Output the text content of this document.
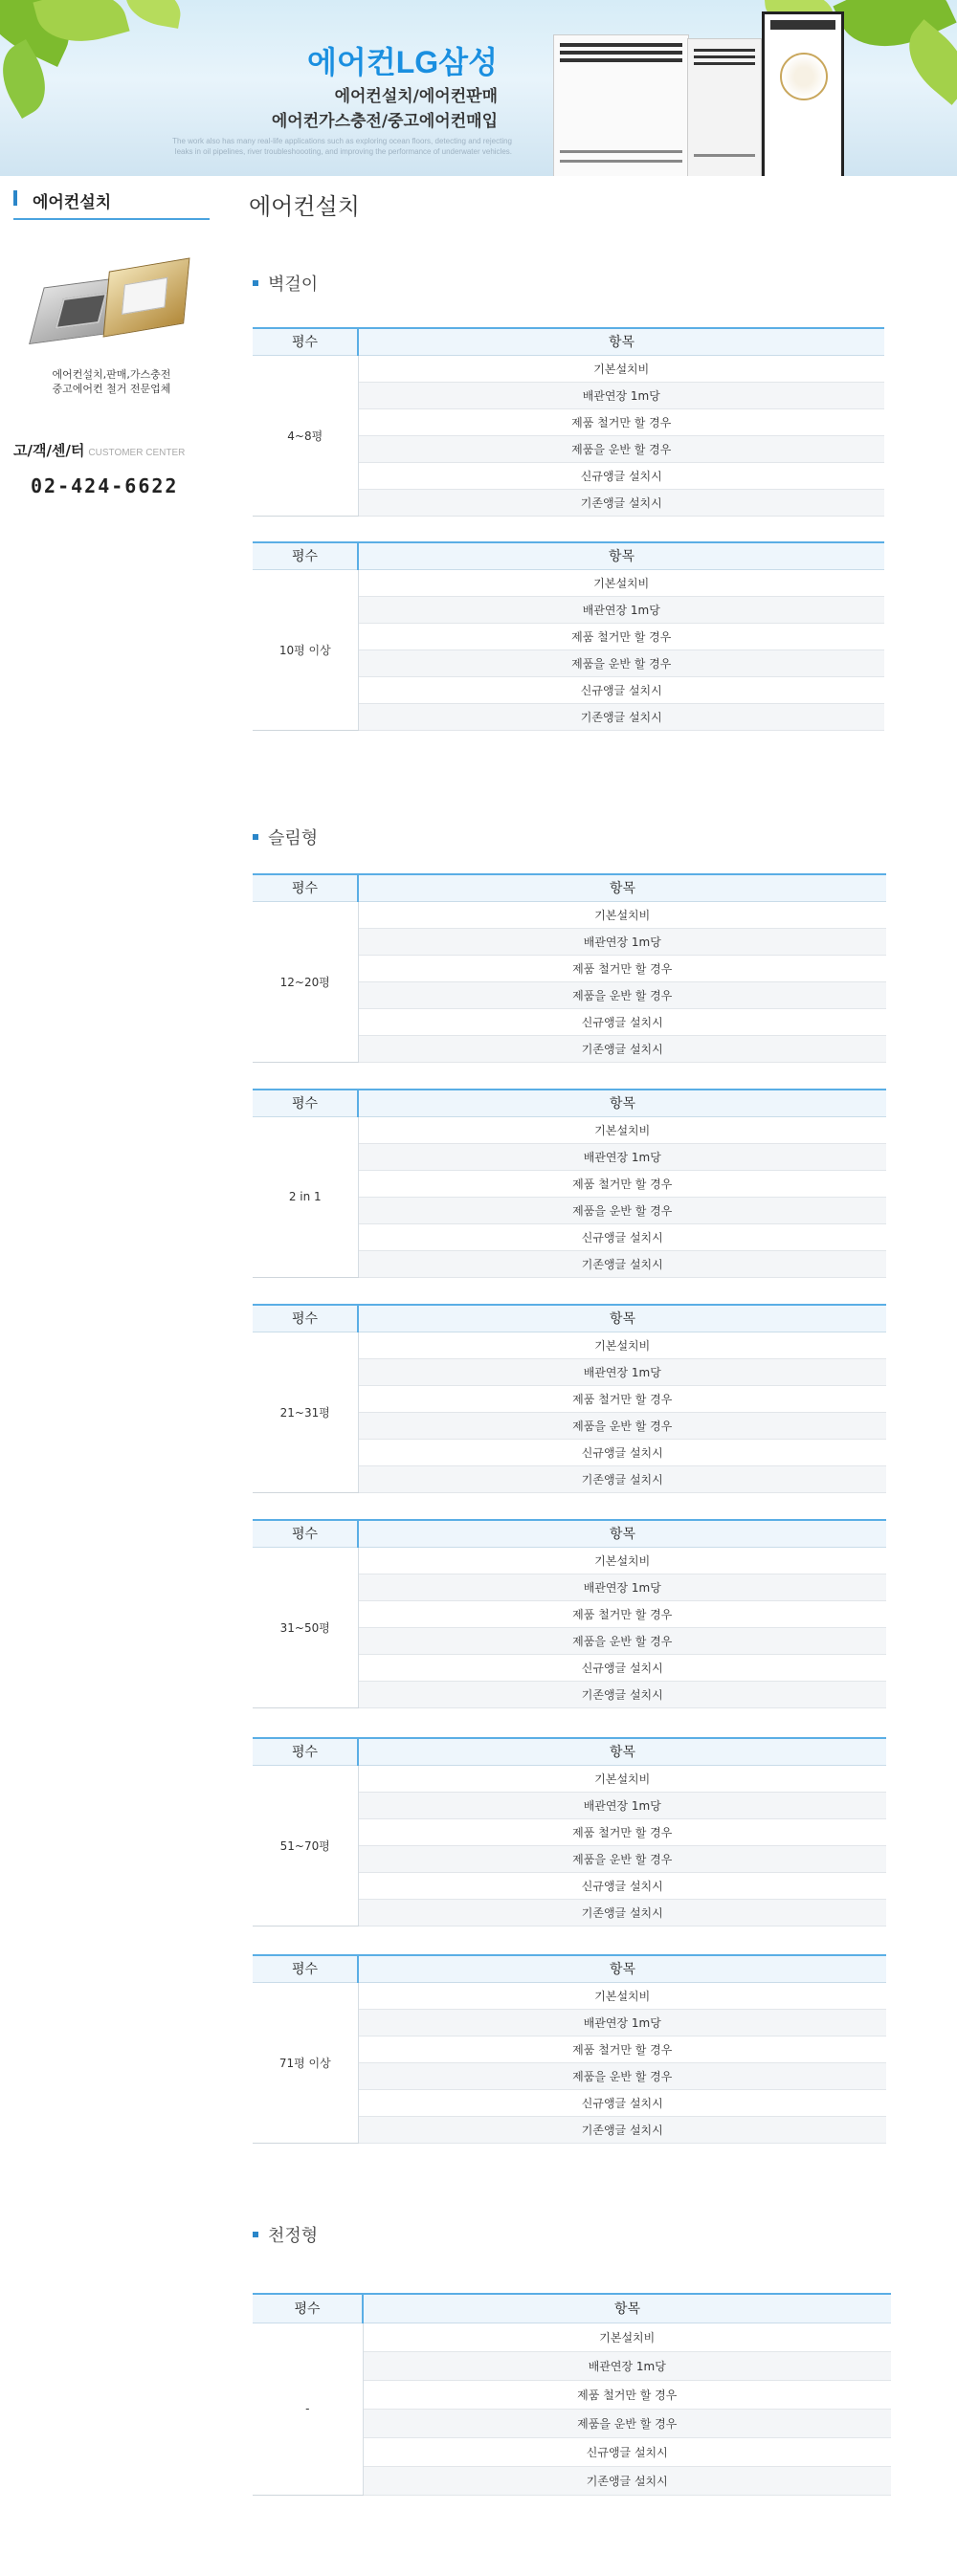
에어컨LG삼성
에어컨설치/에어컨판매
에어컨가스충전/중고에어컨매입
The work also has many real-life applications such as exploring ocean floors, detecting and rejecting leaks in oil pipelines, river troubleshoooting, and improving the performance of underwater vehicles.
에어컨설치
에어컨설치,판매,가스충전
중고에어컨 철거 전문업체
고/객/센/터 CUSTOMER CENTER
02-424-6622
에어컨설치
벽걸이
평수	항목
4~8평	기본설치비
	배관연장 1m당
	제품 철거만 할 경우
	제품을 운반 할 경우
	신규앵글 설치시
	기존앵글 설치시
평수	항목
10평 이상	기본설치비
	배관연장 1m당
	제품 철거만 할 경우
	제품을 운반 할 경우
	신규앵글 설치시
	기존앵글 설치시
슬림형
평수	항목
12~20평	기본설치비
	배관연장 1m당
	제품 철거만 할 경우
	제품을 운반 할 경우
	신규앵글 설치시
	기존앵글 설치시
평수	항목
2 in 1	기본설치비
	배관연장 1m당
	제품 철거만 할 경우
	제품을 운반 할 경우
	신규앵글 설치시
	기존앵글 설치시
평수	항목
21~31평	기본설치비
	배관연장 1m당
	제품 철거만 할 경우
	제품을 운반 할 경우
	신규앵글 설치시
	기존앵글 설치시
평수	항목
31~50평	기본설치비
	배관연장 1m당
	제품 철거만 할 경우
	제품을 운반 할 경우
	신규앵글 설치시
	기존앵글 설치시
평수	항목
51~70평	기본설치비
	배관연장 1m당
	제품 철거만 할 경우
	제품을 운반 할 경우
	신규앵글 설치시
	기존앵글 설치시
평수	항목
71평 이상	기본설치비
	배관연장 1m당
	제품 철거만 할 경우
	제품을 운반 할 경우
	신규앵글 설치시
	기존앵글 설치시
천정형
평수	항목
-	기본설치비
	배관연장 1m당
	제품 철거만 할 경우
	제품을 운반 할 경우
	신규앵글 설치시
	기존앵글 설치시
